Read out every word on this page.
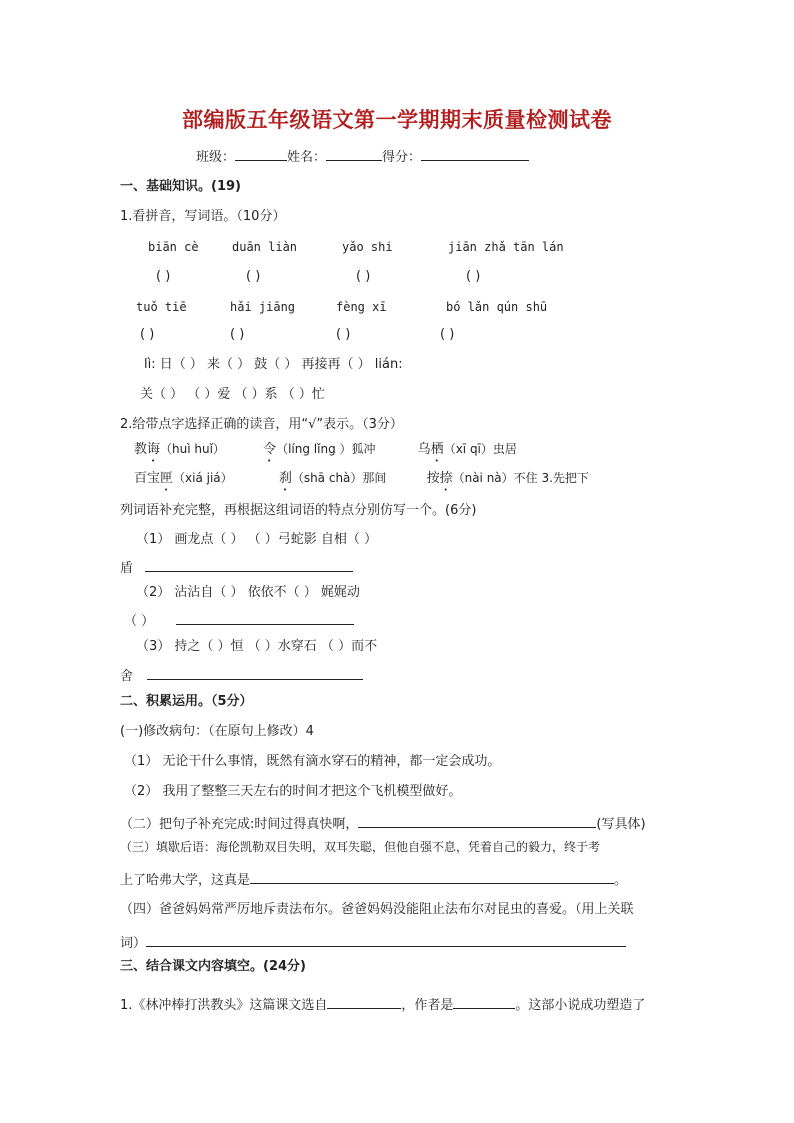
部编版五年级语文第一学期期末质量检测试卷
班级：	姓名：	得分：
一、基础知识。(19)
1.看拼音，写词语。（10分）
biān cè	duān liàn	yǎo shi	jiān zhǎ tān lán
( )	( )	( )	( )
tuǒ tiē	hǎi jiāng	fèng xī	bó lǎn qún shū
( )	( )	( )	( )
lì: 日（ ） 来（ ） 鼓（ ） 再接再（ ） lián:
关（ ） （ ）爱 （ ）系 （ ）忙
2.给带点字选择正确的读音，用“√”表示。（3分）
教诲（huì huǐ）	令（líng lǐng ）狐冲	乌栖（xī qī）虫居
百宝匣（xiá jiá）	刹（shā chà）那间	按捺（nài nà）不住 3.先把下
列词语补充完整，再根据这组词语的特点分别仿写一个。(6分)
（1） 画龙点（ ） （ ）弓蛇影 自相（ ）
盾
（2） 沾沾自（ ） 依依不（ ） 娓娓动
（ ）
（3） 持之（ ）恒 （ ）水穿石 （ ）而不
舍
二、积累运用。（5分）
(一)修改病句：（在原句上修改）4
（1） 无论干什么事情，既然有滴水穿石的精神，都一定会成功。
（2） 我用了整整三天左右的时间才把这个飞机模型做好。
（二）把句子补充完成:时间过得真快啊，	(写具体)
（三）填歇后语：海伦凯勒双目失明，双耳失聪，但他自强不息，凭着自己的毅力，终于考
上了哈弗大学，这真是	。
（四）爸爸妈妈常严厉地斥责法布尔。爸爸妈妈没能阻止法布尔对昆虫的喜爱。（用上关联
词）
三、结合课文内容填空。(24分)
1.《林冲棒打洪教头》这篇课文选自	，作者是	。这部小说成功塑造了
